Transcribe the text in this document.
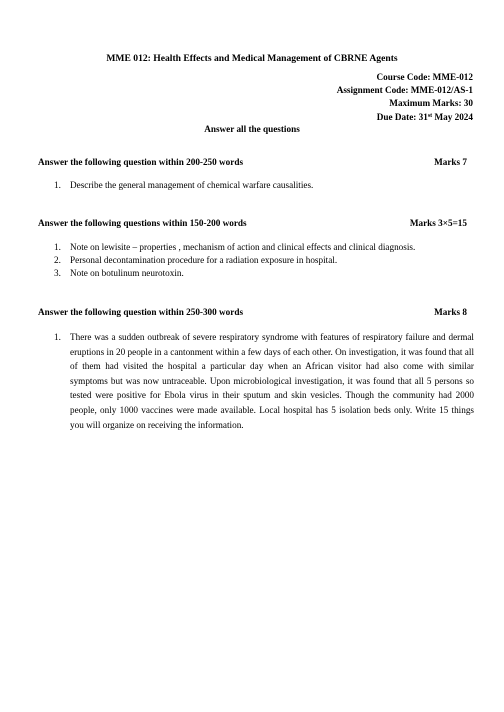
MME 012: Health Effects and Medical Management of CBRNE Agents
Course Code: MME-012
Assignment Code: MME-012/AS-1
Maximum Marks: 30
Due Date: 31st May 2024
Answer all the questions
Answer the following question within 200-250 words	Marks 7
1. Describe the general management of chemical warfare causalities.
Answer the following questions within 150-200 words	Marks 3×5=15
1. Note on lewisite – properties , mechanism of action and clinical effects and clinical diagnosis.
2. Personal decontamination procedure for a radiation exposure in hospital.
3. Note on botulinum neurotoxin.
Answer the following question within 250-300 words	Marks 8
1. There was a sudden outbreak of severe respiratory syndrome with features of respiratory failure and dermal eruptions in 20 people in a cantonment within a few days of each other. On investigation, it was found that all of them had visited the hospital a particular day when an African visitor had also come with similar symptoms but was now untraceable. Upon microbiological investigation, it was found that all 5 persons so tested were positive for Ebola virus in their sputum and skin vesicles. Though the community had 2000 people, only 1000 vaccines were made available. Local hospital has 5 isolation beds only. Write 15 things you will organize on receiving the information.
